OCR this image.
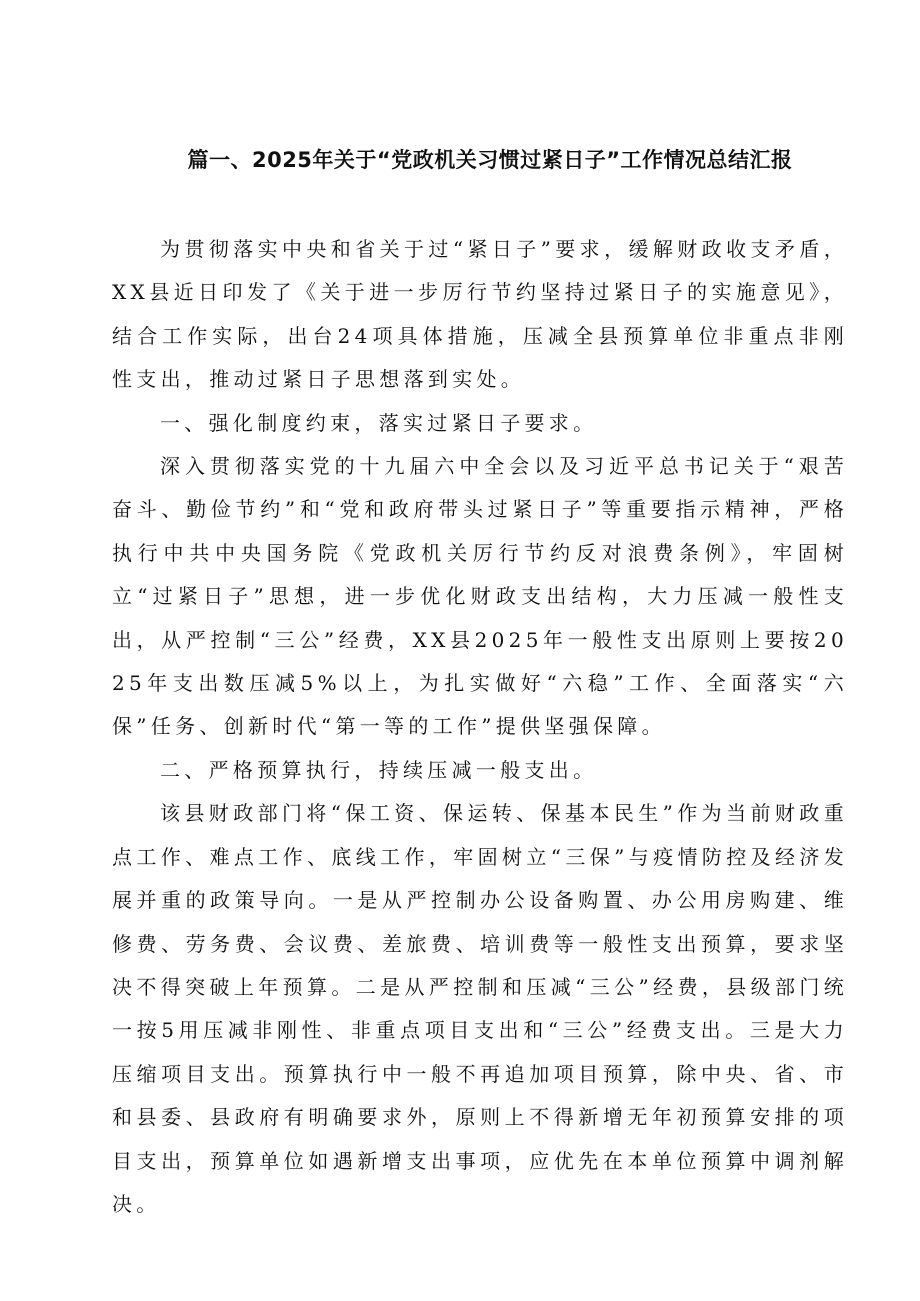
篇一、2025年关于“党政机关习惯过紧日子”工作情况总结汇报

为贯彻落实中央和省关于过“紧日子”要求，缓解财政收支矛盾，XX县近日印发了《关于进一步厉行节约坚持过紧日子的实施意见》，结合工作实际，出台24项具体措施，压减全县预算单位非重点非刚性支出，推动过紧日子思想落到实处。

一、强化制度约束，落实过紧日子要求。

深入贯彻落实党的十九届六中全会以及习近平总书记关于“艰苦奋斗、勤俭节约”和“党和政府带头过紧日子”等重要指示精神，严格执行中共中央国务院《党政机关厉行节约反对浪费条例》，牢固树立“过紧日子”思想，进一步优化财政支出结构，大力压减一般性支出，从严控制“三公”经费，XX县2025年一般性支出原则上要按2025年支出数压减5%以上，为扎实做好“六稳”工作、全面落实“六保”任务、创新时代“第一等的工作”提供坚强保障。

二、严格预算执行，持续压减一般支出。

该县财政部门将“保工资、保运转、保基本民生”作为当前财政重点工作、难点工作、底线工作，牢固树立“三保”与疫情防控及经济发展并重的政策导向。一是从严控制办公设备购置、办公用房购建、维修费、劳务费、会议费、差旅费、培训费等一般性支出预算，要求坚决不得突破上年预算。二是从严控制和压减“三公”经费，县级部门统一按5用压减非刚性、非重点项目支出和“三公”经费支出。三是大力压缩项目支出。预算执行中一般不再追加项目预算，除中央、省、市和县委、县政府有明确要求外，原则上不得新增无年初预算安排的项目支出，预算单位如遇新增支出事项，应优先在本单位预算中调剂解决。
